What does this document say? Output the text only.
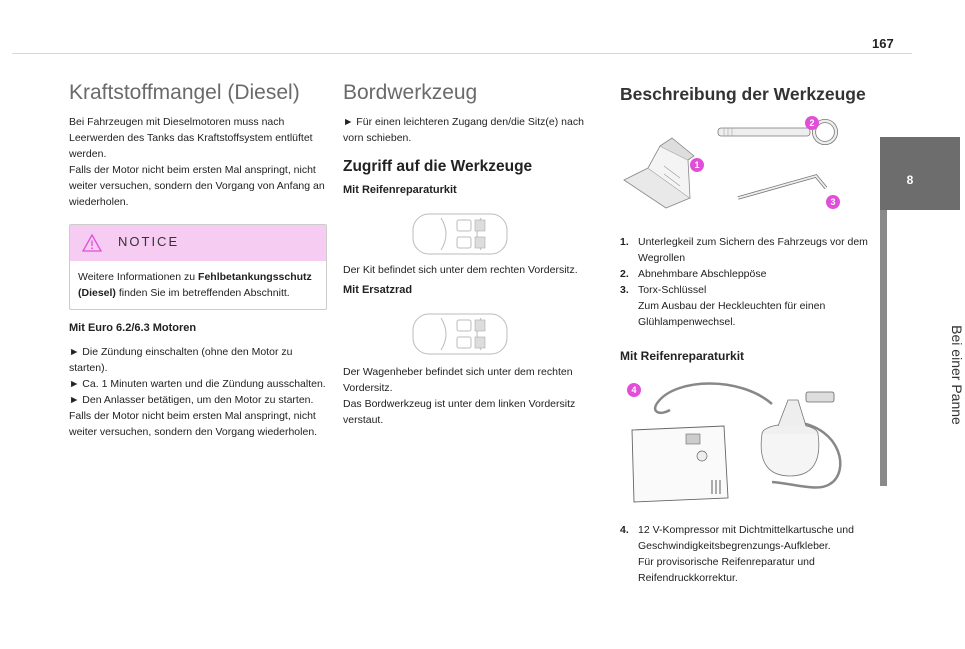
167
8
Bei einer Panne
Kraftstoffmangel (Diesel)

Bei Fahrzeugen mit Dieselmotoren muss nach Leerwerden des Tanks das Kraftstoffsystem entlüftet werden.

Falls der Motor nicht beim ersten Mal anspringt, nicht weiter versuchen, sondern den Vorgang von Anfang an wiederholen.

NOTICE
Weitere Informationen zu Fehlbetankungsschutz (Diesel) finden Sie im betreffenden Abschnitt.
Mit Euro 6.2/6.3 Motoren

► Die Zündung einschalten (ohne den Motor zu starten).

► Ca. 1 Minuten warten und die Zündung ausschalten.

► Den Anlasser betätigen, um den Motor zu starten.

Falls der Motor nicht beim ersten Mal anspringt, nicht weiter versuchen, sondern den Vorgang wiederholen.

Bordwerkzeug

► Für einen leichteren Zugang den/die Sitz(e) nach vorn schieben.

Zugriff auf die Werkzeuge
Mit Reifenreparaturkit

Der Kit befindet sich unter dem rechten Vordersitz.

Mit Ersatzrad

Der Wagenheber befindet sich unter dem rechten Vordersitz.

Das Bordwerkzeug ist unter dem linken Vordersitz verstaut.

Beschreibung der Werkzeuge
1
2
3
1. Unterlegkeil zum Sichern des Fahrzeugs vor dem Wegrollen
2. Abnehmbare Abschleppöse
3. Torx-Schlüssel
Zum Ausbau der Heckleuchten für einen Glühlampenwechsel.
Mit Reifenreparaturkit
4
4. 12 V-Kompressor mit Dichtmittelkartusche und Geschwindigkeitsbegrenzungs-Aufkleber.
Für provisorische Reifenreparatur und Reifendruckkorrektur.
